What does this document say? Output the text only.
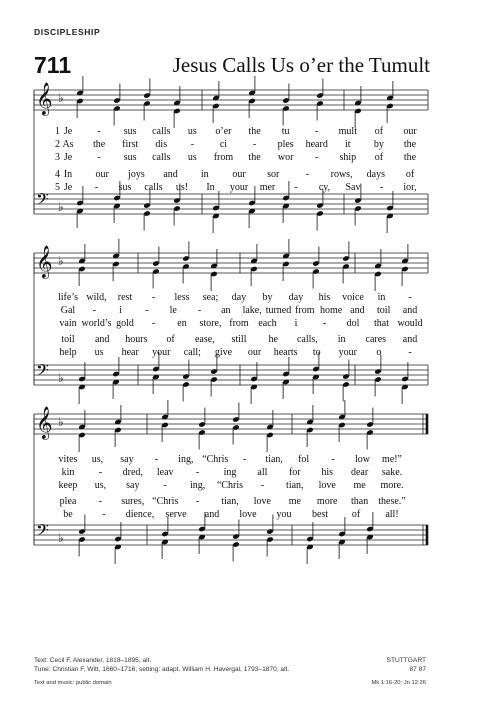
DISCIPLESHIP
711	Jesus Calls Us o’er the Tumult
𝄞 ♭
𝄢 ♭
𝄞 ♭
𝄢 ♭
𝄞 ♭
𝄢 ♭
1 Je	- sus calls us o’er the tu	- mult of our
2 As the first dis -	ci	- ples heard it by the
3 Je	- sus calls us from the wor - ship of the
4 In our joys and in our sor	- rows, days of
5 Je - sus calls us! In your mer - cy, Sav - ior,
life’s wild, rest - less sea; day by day his voice in -
Gal - i - le - an lake, turned from home and toil and
vain world’s gold - en store, from each i	- dol that would
toil and hours of ease, still he calls, in cares and
help us hear your call; give our hearts to your o	-
vites us, say - ing, “Chris - tian, fol - low me!”
kin - dred, leav - ing all for his dear sake.
keep us, say - ing, “Chris - tian, love me more.
plea - sures, “Chris - tian, love me more than these.”
be	- dience, serve and love you best of	all!
Text: Cecil F. Alexander, 1818–1895, alt.
Tune: Christian F. Witt, 1660–1716; setting: adapt. William H. Havergal, 1793–1870, alt.
Text and music: public domain
STUTTGART
87 87
Mk 1:16-20; Jn 12:26
